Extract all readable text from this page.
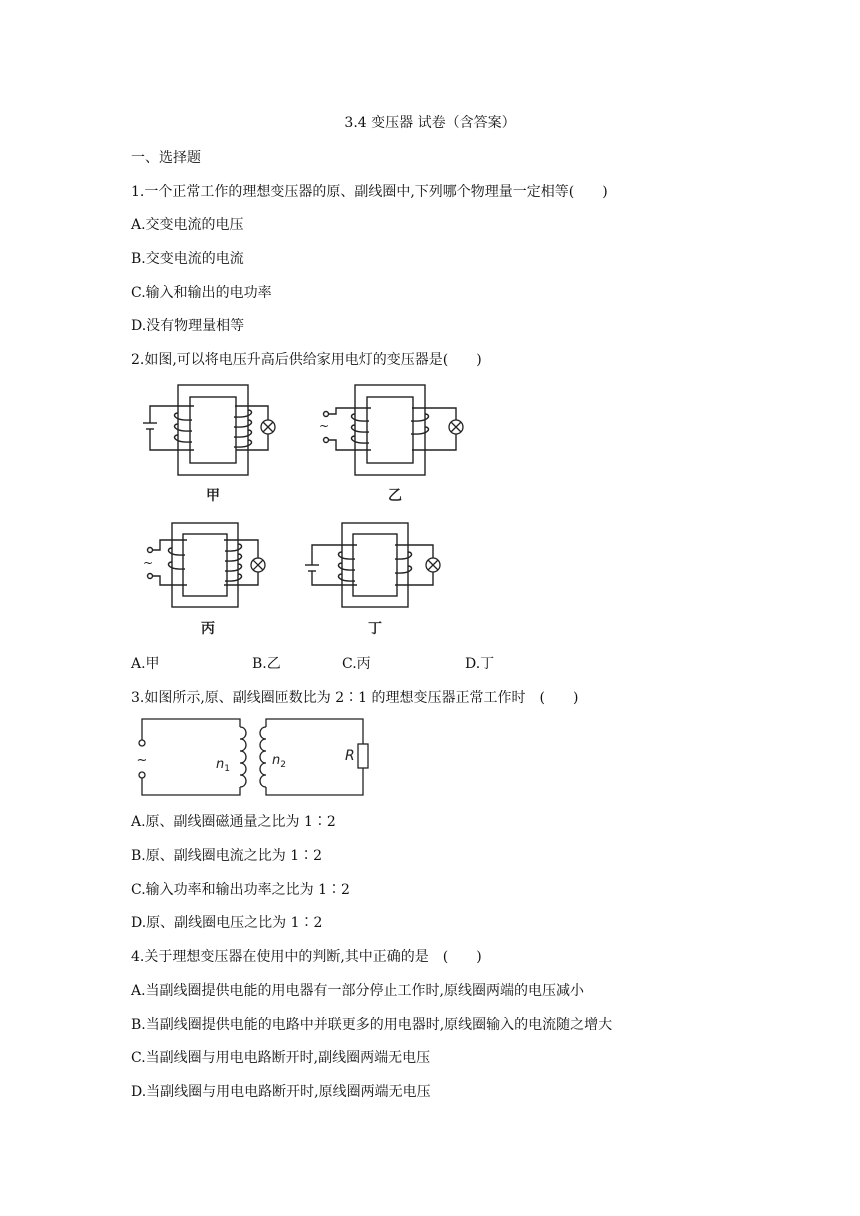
3.4 变压器 试卷（含答案）
一、选择题
1.一个正常工作的理想变压器的原、副线圈中,下列哪个物理量一定相等(　　)
A.交变电流的电压
B.交变电流的电流
C.输入和输出的电功率
D.没有物理量相等
2.如图,可以将电压升高后供给家用电灯的变压器是(　　)
甲
~
乙
~
丙	丁
A.甲	B.乙	C.丙	D.丁
3.如图所示,原、副线圈匝数比为 2∶1 的理想变压器正常工作时　(　　)
~	$n_1$
$n_2$
R
A.原、副线圈磁通量之比为 1∶2
B.原、副线圈电流之比为 1∶2
C.输入功率和输出功率之比为 1∶2
D.原、副线圈电压之比为 1∶2
4.关于理想变压器在使用中的判断,其中正确的是　(　　)
A.当副线圈提供电能的用电器有一部分停止工作时,原线圈两端的电压减小
B.当副线圈提供电能的电路中并联更多的用电器时,原线圈输入的电流随之增大
C.当副线圈与用电电路断开时,副线圈两端无电压
D.当副线圈与用电电路断开时,原线圈两端无电压
